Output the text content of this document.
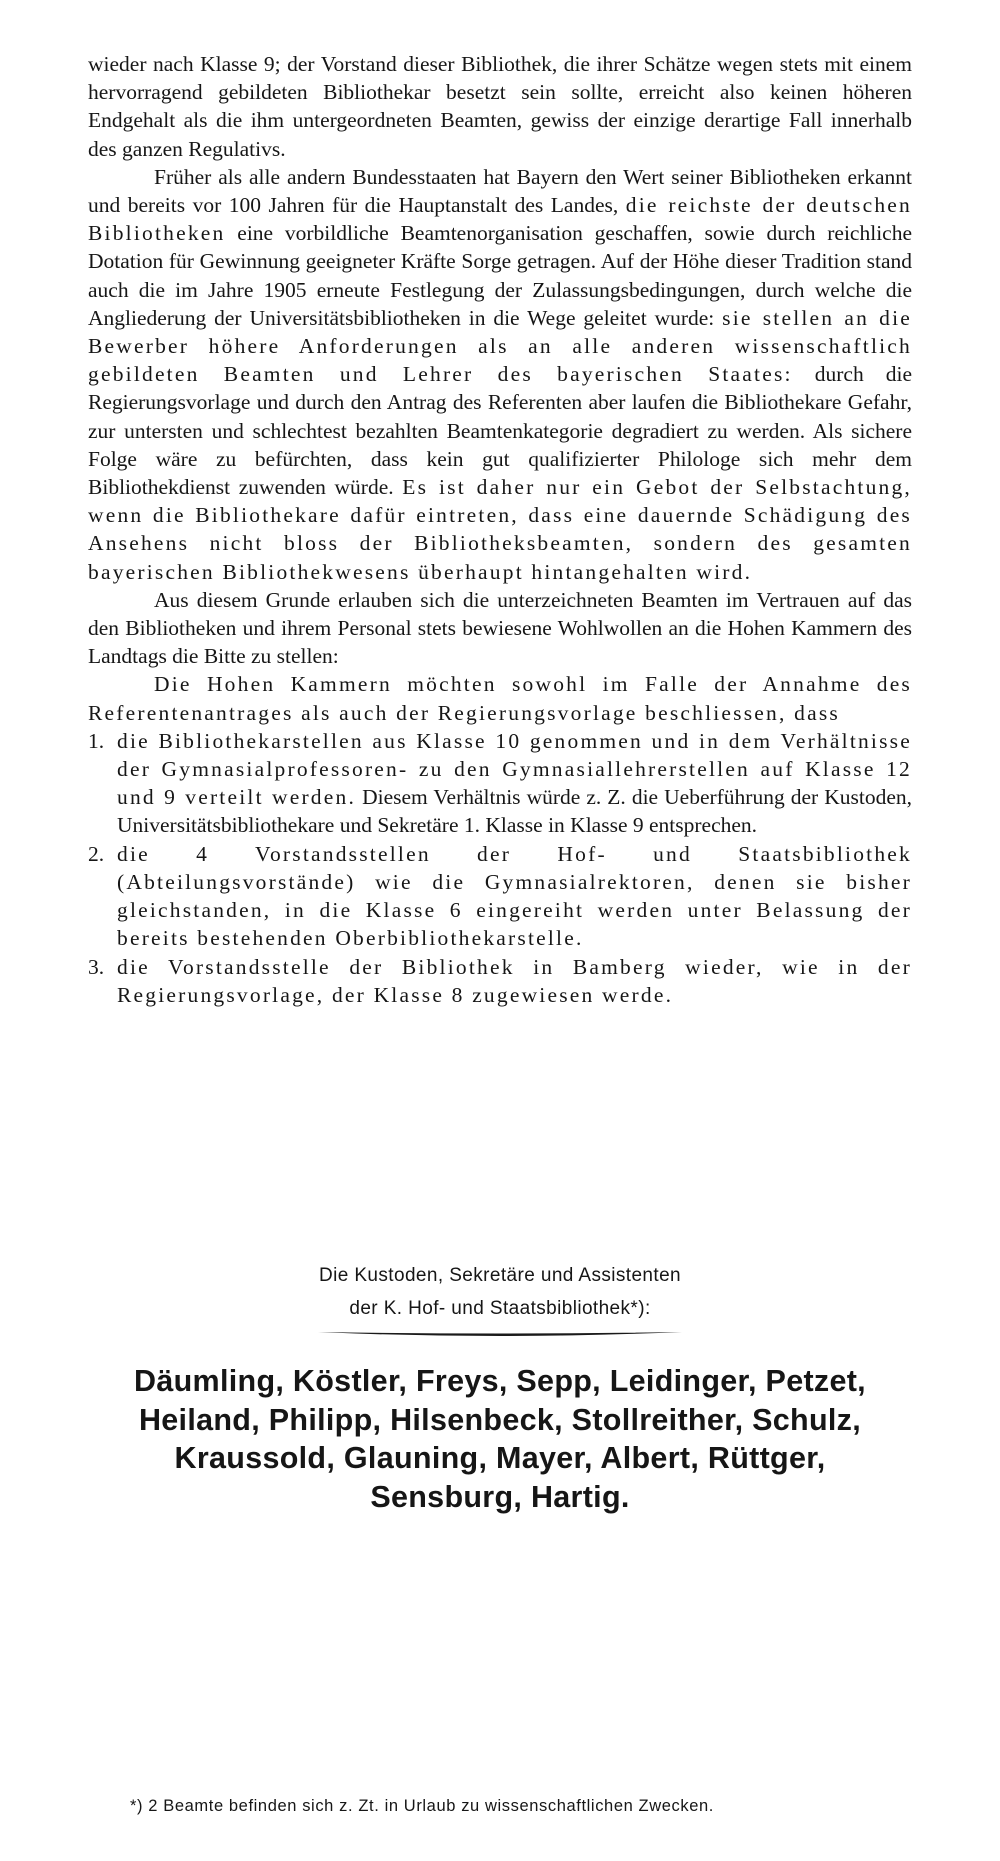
wieder nach Klasse 9; der Vorstand dieser Bibliothek, die ihrer Schätze wegen stets mit einem hervorragend gebildeten Bibliothekar besetzt sein sollte, erreicht also keinen höheren Endgehalt als die ihm untergeordneten Beamten, gewiss der einzige derartige Fall innerhalb des ganzen Regulativs.

Früher als alle andern Bundesstaaten hat Bayern den Wert seiner Bibliotheken erkannt und bereits vor 100 Jahren für die Hauptanstalt des Landes, die reichste der deutschen Bibliotheken eine vorbildliche Beamtenorganisation geschaffen, sowie durch reichliche Dotation für Gewinnung geeigneter Kräfte Sorge getragen. Auf der Höhe dieser Tradition stand auch die im Jahre 1905 erneute Festlegung der Zulassungsbedingungen, durch welche die Angliederung der Universitätsbibliotheken in die Wege geleitet wurde: sie stellen an die Bewerber höhere Anforderungen als an alle anderen wissenschaftlich gebildeten Beamten und Lehrer des bayerischen Staates: durch die Regierungsvorlage und durch den Antrag des Referenten aber laufen die Bibliothekare Gefahr, zur untersten und schlechtest bezahlten Beamtenkategorie degradiert zu werden. Als sichere Folge wäre zu befürchten, dass kein gut qualifizierter Philologe sich mehr dem Bibliothekdienst zuwenden würde. Es ist daher nur ein Gebot der Selbstachtung, wenn die Bibliothekare dafür eintreten, dass eine dauernde Schädigung des Ansehens nicht bloss der Bibliotheksbeamten, sondern des gesamten bayerischen Bibliothekwesens überhaupt hintangehalten wird.

Aus diesem Grunde erlauben sich die unterzeichneten Beamten im Vertrauen auf das den Bibliotheken und ihrem Personal stets bewiesene Wohlwollen an die Hohen Kammern des Landtags die Bitte zu stellen:

Die Hohen Kammern möchten sowohl im Falle der Annahme des Referentenantrages als auch der Regierungsvorlage beschliessen, dass

1. die Bibliothekarstellen aus Klasse 10 genommen und in dem Verhältnisse der Gymnasialprofessoren- zu den Gymnasiallehrerstellen auf Klasse 12 und 9 verteilt werden. Diesem Verhältnis würde z. Z. die Ueberführung der Kustoden, Universitätsbibliothekare und Sekretäre 1. Klasse in Klasse 9 entsprechen.
2. die 4 Vorstandsstellen der Hof- und Staatsbibliothek (Abteilungsvorstände) wie die Gymnasialrektoren, denen sie bisher gleichstanden, in die Klasse 6 eingereiht werden unter Belassung der bereits bestehenden Oberbibliothekarstelle.
3. die Vorstandsstelle der Bibliothek in Bamberg wieder, wie in der Regierungsvorlage, der Klasse 8 zugewiesen werde.
Die Kustoden, Sekretäre und Assistenten
der K. Hof- und Staatsbibliothek*):
Däumling, Köstler, Freys, Sepp, Leidinger, Petzet,
Heiland, Philipp, Hilsenbeck, Stollreither, Schulz,
Kraussold, Glauning, Mayer, Albert, Rüttger,
Sensburg, Hartig.
*) 2 Beamte befinden sich z. Zt. in Urlaub zu wissenschaftlichen Zwecken.
